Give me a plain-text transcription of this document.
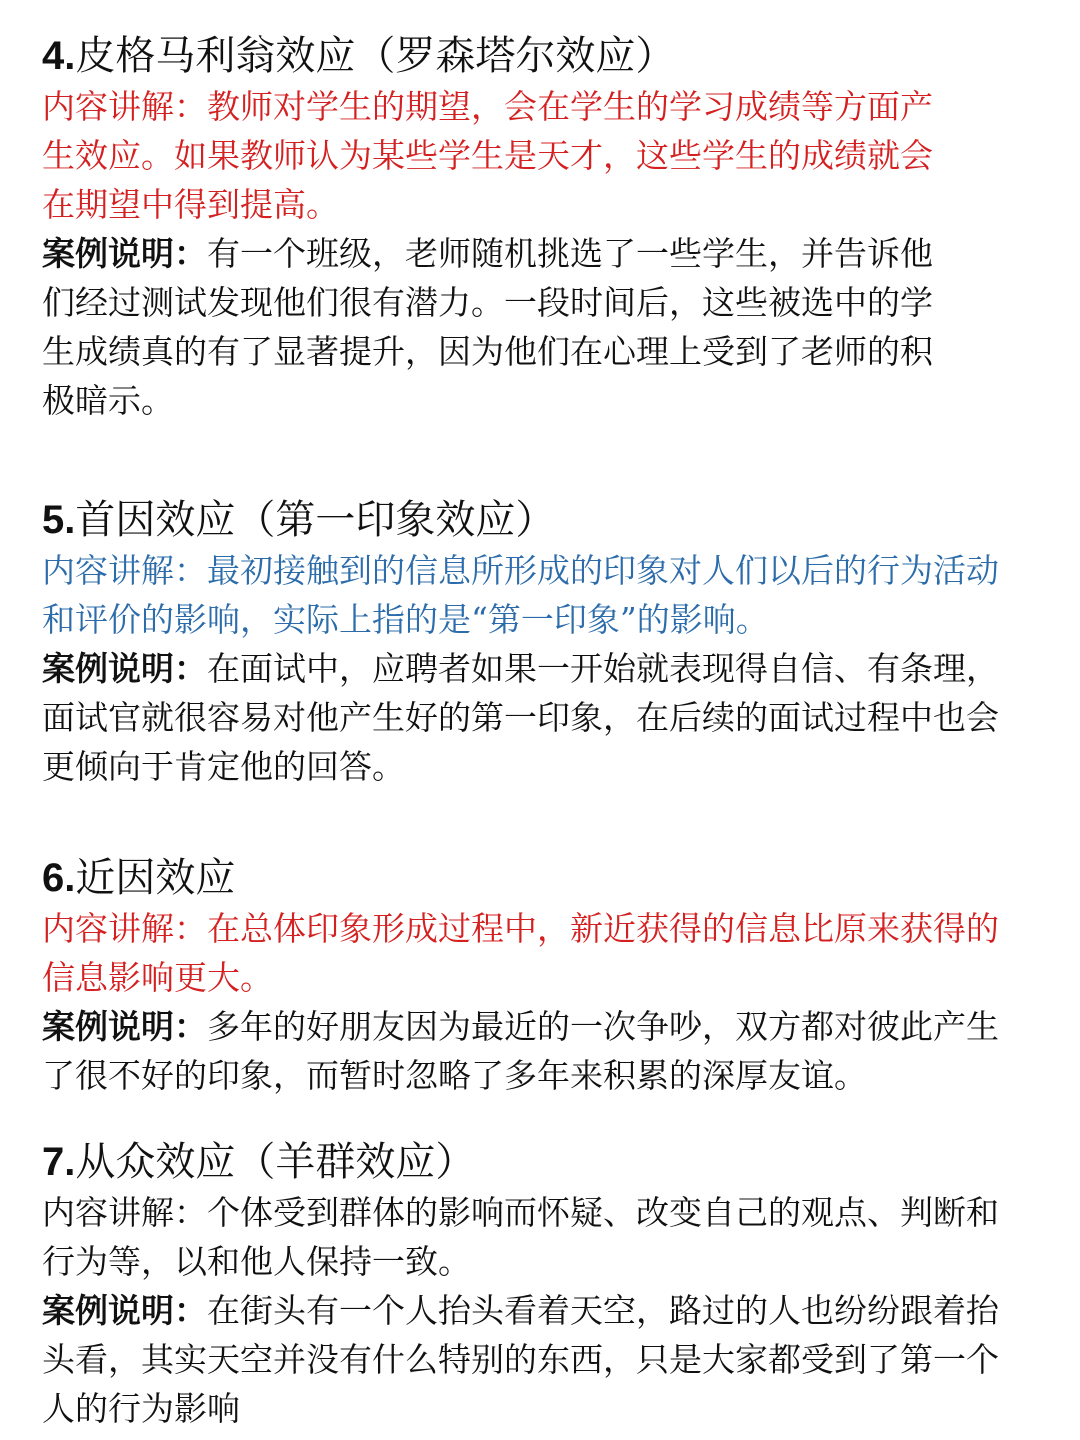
4.皮格马利翁效应（罗森塔尔效应）

内容讲解：教师对学生的期望，会在学生的学习成绩等方面产
生效应。如果教师认为某些学生是天才，这些学生的成绩就会
在期望中得到提高。

案例说明：有一个班级，老师随机挑选了一些学生，并告诉他
们经过测试发现他们很有潜力。一段时间后，这些被选中的学
生成绩真的有了显著提升，因为他们在心理上受到了老师的积
极暗示。

5.首因效应（第一印象效应）

内容讲解：最初接触到的信息所形成的印象对人们以后的行为活动
和评价的影响，实际上指的是“第一印象”的影响。

案例说明：在面试中，应聘者如果一开始就表现得自信、有条理，
面试官就很容易对他产生好的第一印象，在后续的面试过程中也会
更倾向于肯定他的回答。

6.近因效应

内容讲解：在总体印象形成过程中，新近获得的信息比原来获得的
信息影响更大。

案例说明：多年的好朋友因为最近的一次争吵，双方都对彼此产生
了很不好的印象，而暂时忽略了多年来积累的深厚友谊。

7.从众效应（羊群效应）

内容讲解：个体受到群体的影响而怀疑、改变自己的观点、判断和
行为等，以和他人保持一致。

案例说明：在街头有一个人抬头看着天空，路过的人也纷纷跟着抬
头看，其实天空并没有什么特别的东西，只是大家都受到了第一个
人的行为影响
